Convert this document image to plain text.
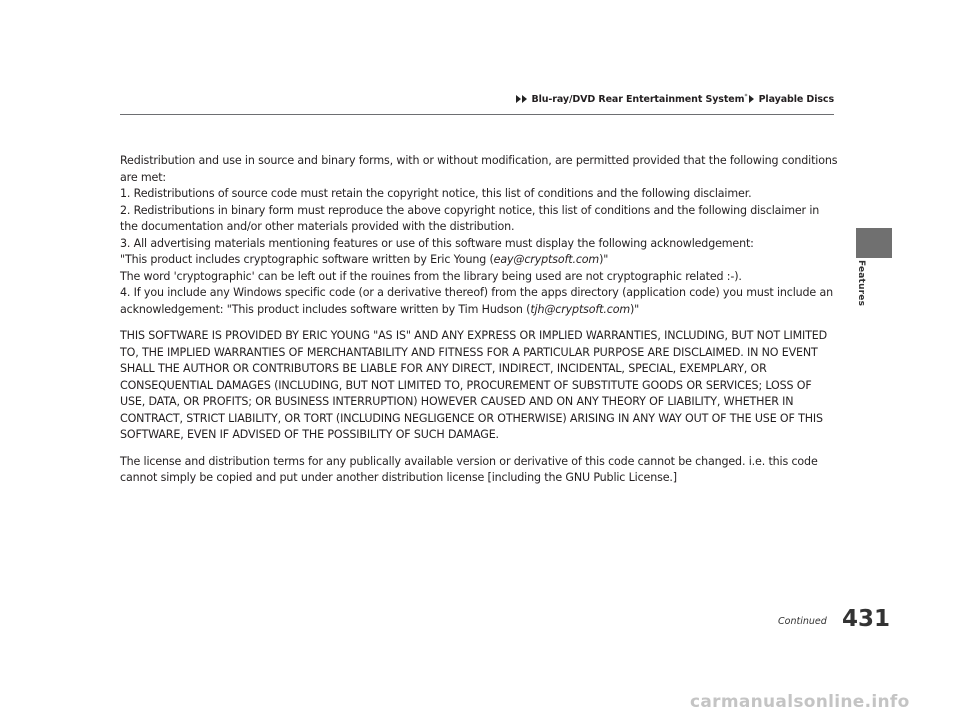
Blu-ray/DVD Rear Entertainment System* Playable Discs
Features

Redistribution and use in source and binary forms, with or without modification, are permitted provided that the following conditions are met:

1. Redistributions of source code must retain the copyright notice, this list of conditions and the following disclaimer.

2. Redistributions in binary form must reproduce the above copyright notice, this list of conditions and the following disclaimer in the documentation and/or other materials provided with the distribution.

3. All advertising materials mentioning features or use of this software must display the following acknowledgement:

"This product includes cryptographic software written by Eric Young (eay@cryptsoft.com)"

The word 'cryptographic' can be left out if the rouines from the library being used are not cryptographic related :-).

4. If you include any Windows specific code (or a derivative thereof) from the apps directory (application code) you must include an acknowledgement: "This product includes software written by Tim Hudson (tjh@cryptsoft.com)"

THIS SOFTWARE IS PROVIDED BY ERIC YOUNG "AS IS" AND ANY EXPRESS OR IMPLIED WARRANTIES, INCLUDING, BUT NOT LIMITED TO, THE IMPLIED WARRANTIES OF MERCHANTABILITY AND FITNESS FOR A PARTICULAR PURPOSE ARE DISCLAIMED. IN NO EVENT SHALL THE AUTHOR OR CONTRIBUTORS BE LIABLE FOR ANY DIRECT, INDIRECT, INCIDENTAL, SPECIAL, EXEMPLARY, OR CONSEQUENTIAL DAMAGES (INCLUDING, BUT NOT LIMITED TO, PROCUREMENT OF SUBSTITUTE GOODS OR SERVICES; LOSS OF USE, DATA, OR PROFITS; OR BUSINESS INTERRUPTION) HOWEVER CAUSED AND ON ANY THEORY OF LIABILITY, WHETHER IN CONTRACT, STRICT LIABILITY, OR TORT (INCLUDING NEGLIGENCE OR OTHERWISE) ARISING IN ANY WAY OUT OF THE USE OF THIS SOFTWARE, EVEN IF ADVISED OF THE POSSIBILITY OF SUCH DAMAGE.

The license and distribution terms for any publically available version or derivative of this code cannot be changed. i.e. this code cannot simply be copied and put under another distribution license [including the GNU Public License.]

Continued 431
carmanualsonline.info
